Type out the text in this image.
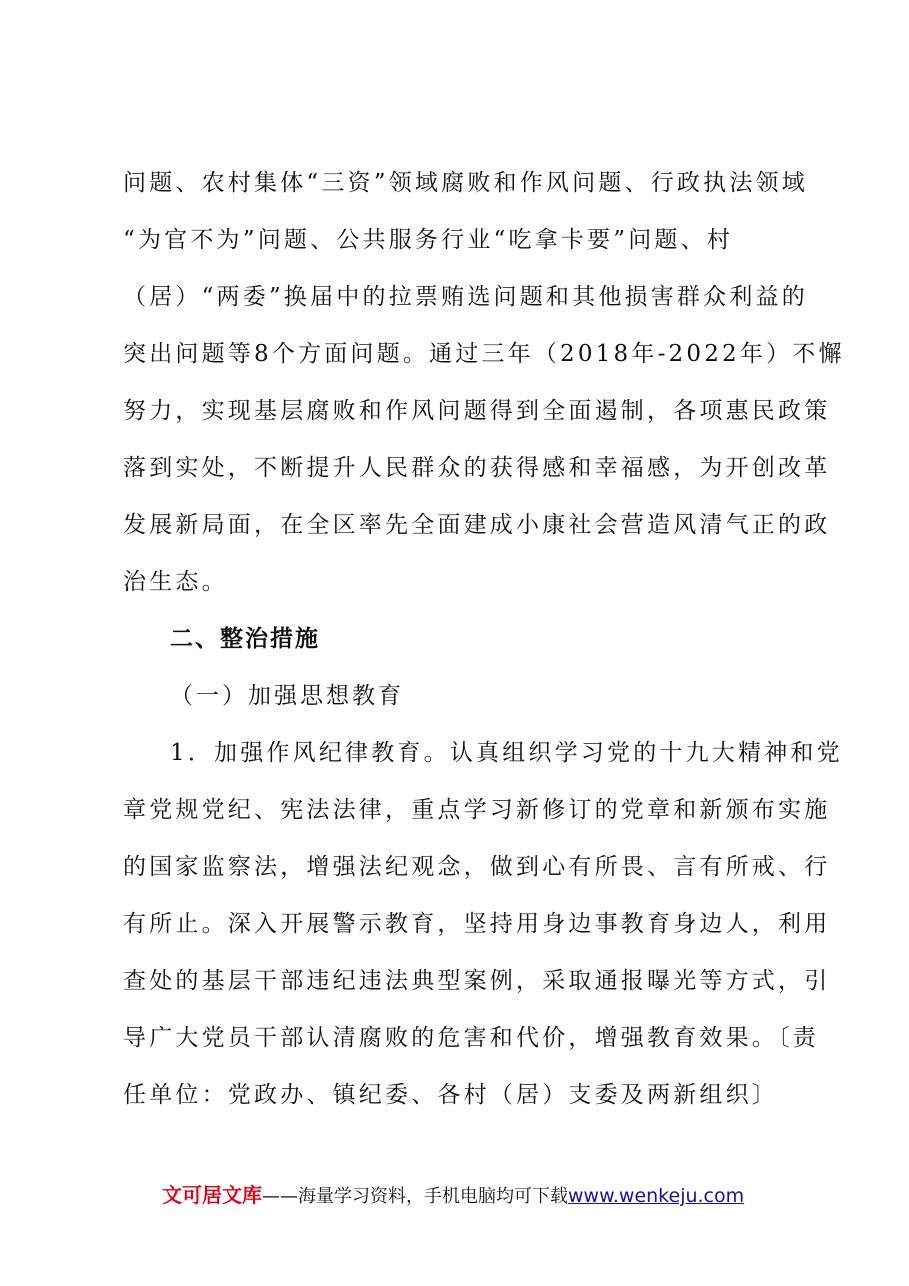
问题、农村集体“三资”领域腐败和作风问题、行政执法领域
“为官不为”问题、公共服务行业“吃拿卡要”问题、村
（居）“两委”换届中的拉票贿选问题和其他损害群众利益的
突出问题等8个方面问题。通过三年（2018年-2022年）不懈
努力，实现基层腐败和作风问题得到全面遏制，各项惠民政策
落到实处，不断提升人民群众的获得感和幸福感，为开创改革
发展新局面，在全区率先全面建成小康社会营造风清气正的政
治生态。
二、整治措施
（一）加强思想教育
1．加强作风纪律教育。认真组织学习党的十九大精神和党
章党规党纪、宪法法律，重点学习新修订的党章和新颁布实施
的国家监察法，增强法纪观念，做到心有所畏、言有所戒、行
有所止。深入开展警示教育，坚持用身边事教育身边人，利用
查处的基层干部违纪违法典型案例，采取通报曝光等方式，引
导广大党员干部认清腐败的危害和代价，增强教育效果。〔责
任单位：党政办、镇纪委、各村（居）支委及两新组织〕
文可居文库——海量学习资料，手机电脑均可下载www.wenkeju.com
